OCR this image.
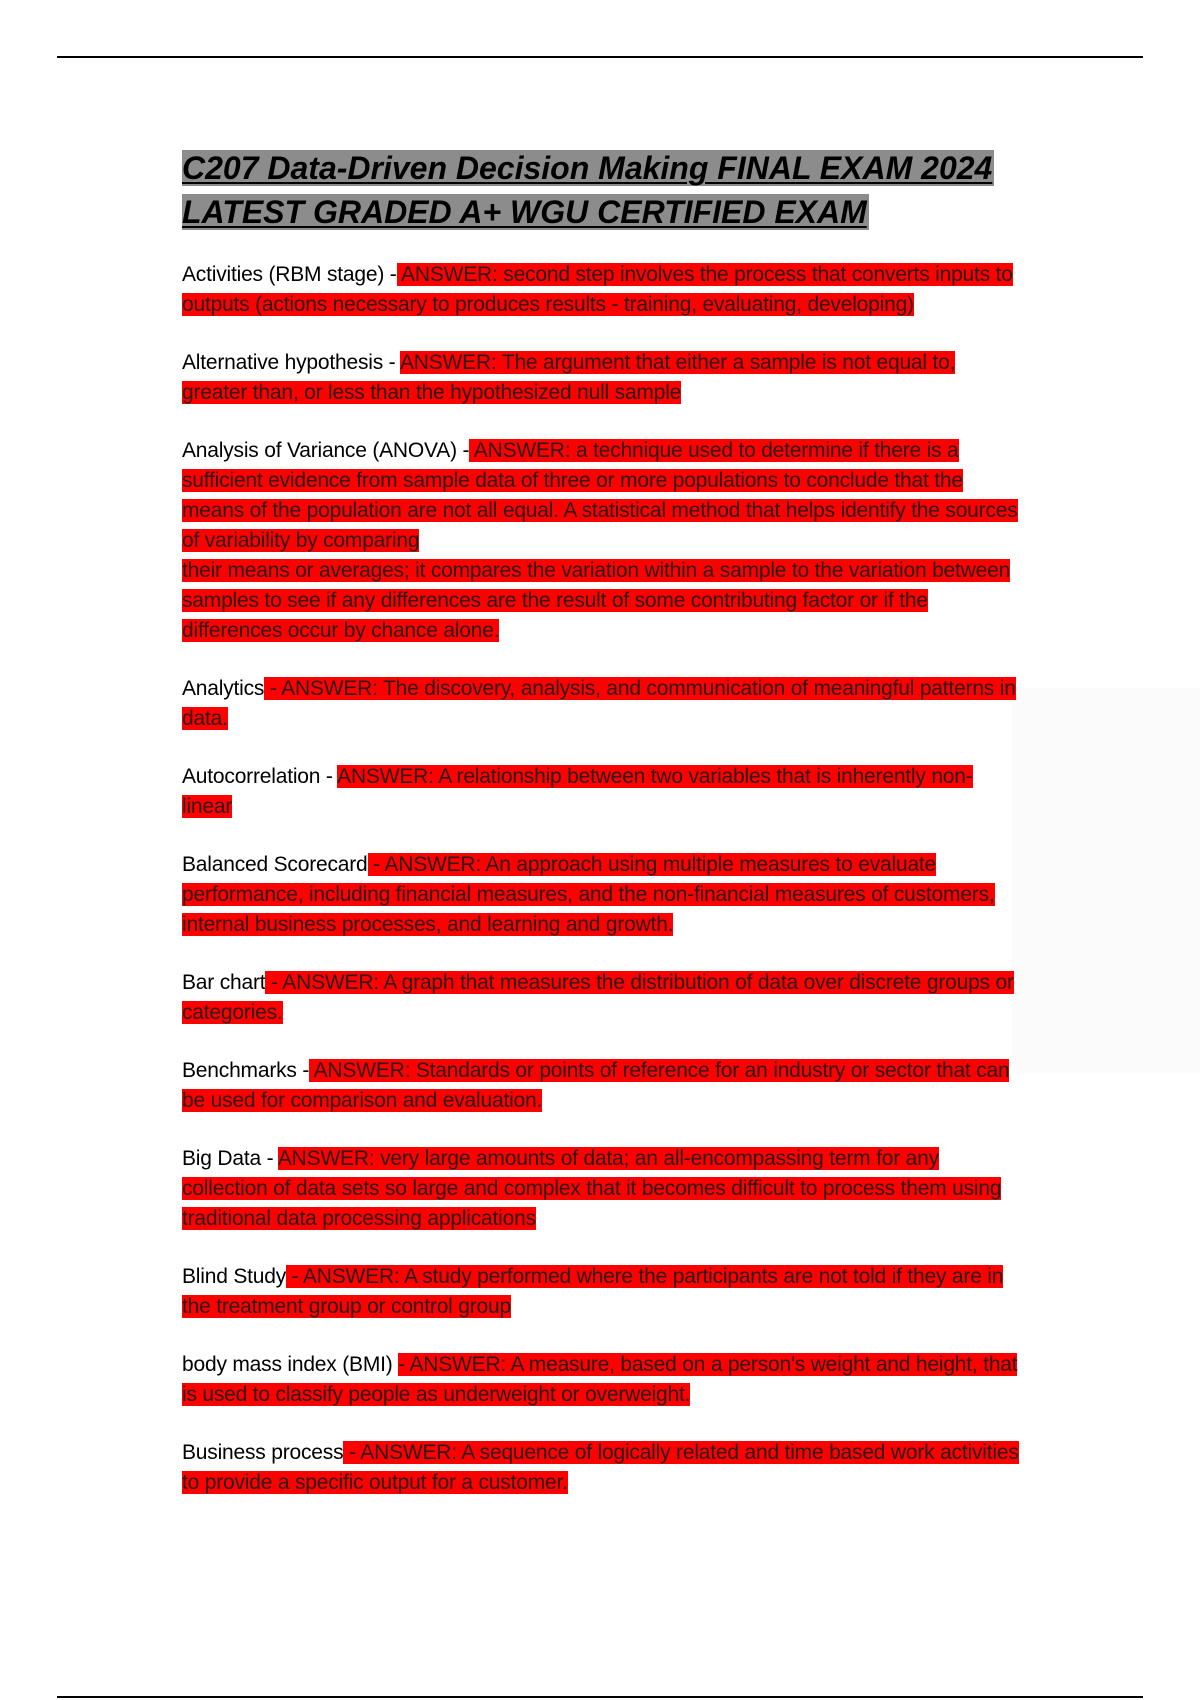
C207 Data-Driven Decision Making FINAL EXAM 2024
LATEST GRADED A+ WGU CERTIFIED EXAM

Activities (RBM stage) - ANSWER: second step involves the process that converts inputs to outputs (actions necessary to produces results - training, evaluating, developing)

Alternative hypothesis - ANSWER: The argument that either a sample is not equal to, greater than, or less than the hypothesized null sample

Analysis of Variance (ANOVA) - ANSWER: a technique used to determine if there is a sufficient evidence from sample data of three or more populations to conclude that the means of the population are not all equal. A statistical method that helps identify the sources of variability by comparing
their means or averages; it compares the variation within a sample to the variation between samples to see if any differences are the result of some contributing factor or if the differences occur by chance alone.

Analytics - ANSWER: The discovery, analysis, and communication of meaningful patterns in data.

Autocorrelation - ANSWER: A relationship between two variables that is inherently non-linear

Balanced Scorecard - ANSWER: An approach using multiple measures to evaluate performance, including financial measures, and the non-financial measures of customers, internal business processes, and learning and growth.

Bar chart - ANSWER: A graph that measures the distribution of data over discrete groups or categories.

Benchmarks - ANSWER: Standards or points of reference for an industry or sector that can be used for comparison and evaluation.

Big Data - ANSWER: very large amounts of data; an all-encompassing term for any collection of data sets so large and complex that it becomes difficult to process them using traditional data processing applications

Blind Study - ANSWER: A study performed where the participants are not told if they are in the treatment group or control group

body mass index (BMI) - ANSWER: A measure, based on a person's weight and height, that is used to classify people as underweight or overweight.

Business process - ANSWER: A sequence of logically related and time based work activities to provide a specific output for a customer.
